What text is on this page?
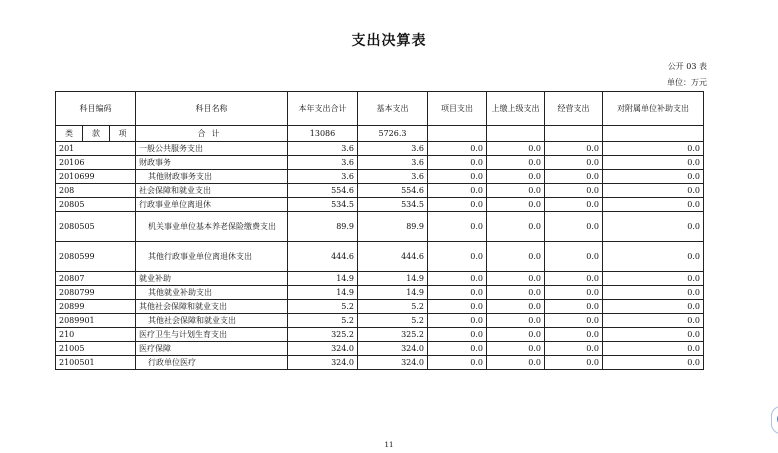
支出决算表
公开 03 表
单位：万元
科目编码			科目名称	本年支出合计	基本支出	项目支出	上缴上级支出	经营支出	对附属单位补助支出
类	款	项	合计	13086	5726.3				
201			一般公共服务支出	3.6	3.6	0.0	0.0	0.0	0.0
20106			财政事务	3.6	3.6	0.0	0.0	0.0	0.0
2010699			其他财政事务支出	3.6	3.6	0.0	0.0	0.0	0.0
208			社会保障和就业支出	554.6	554.6	0.0	0.0	0.0	0.0
20805			行政事业单位离退休	534.5	534.5	0.0	0.0	0.0	0.0
2080505			机关事业单位基本养老保险缴费支出	89.9	89.9	0.0	0.0	0.0	0.0
2080599			其他行政事业单位离退休支出	444.6	444.6	0.0	0.0	0.0	0.0
20807			就业补助	14.9	14.9	0.0	0.0	0.0	0.0
2080799			其他就业补助支出	14.9	14.9	0.0	0.0	0.0	0.0
20899			其他社会保障和就业支出	5.2	5.2	0.0	0.0	0.0	0.0
2089901			其他社会保障和就业支出	5.2	5.2	0.0	0.0	0.0	0.0
210			医疗卫生与计划生育支出	325.2	325.2	0.0	0.0	0.0	0.0
21005			医疗保障	324.0	324.0	0.0	0.0	0.0	0.0
2100501			行政单位医疗	324.0	324.0	0.0	0.0	0.0	0.0
11
